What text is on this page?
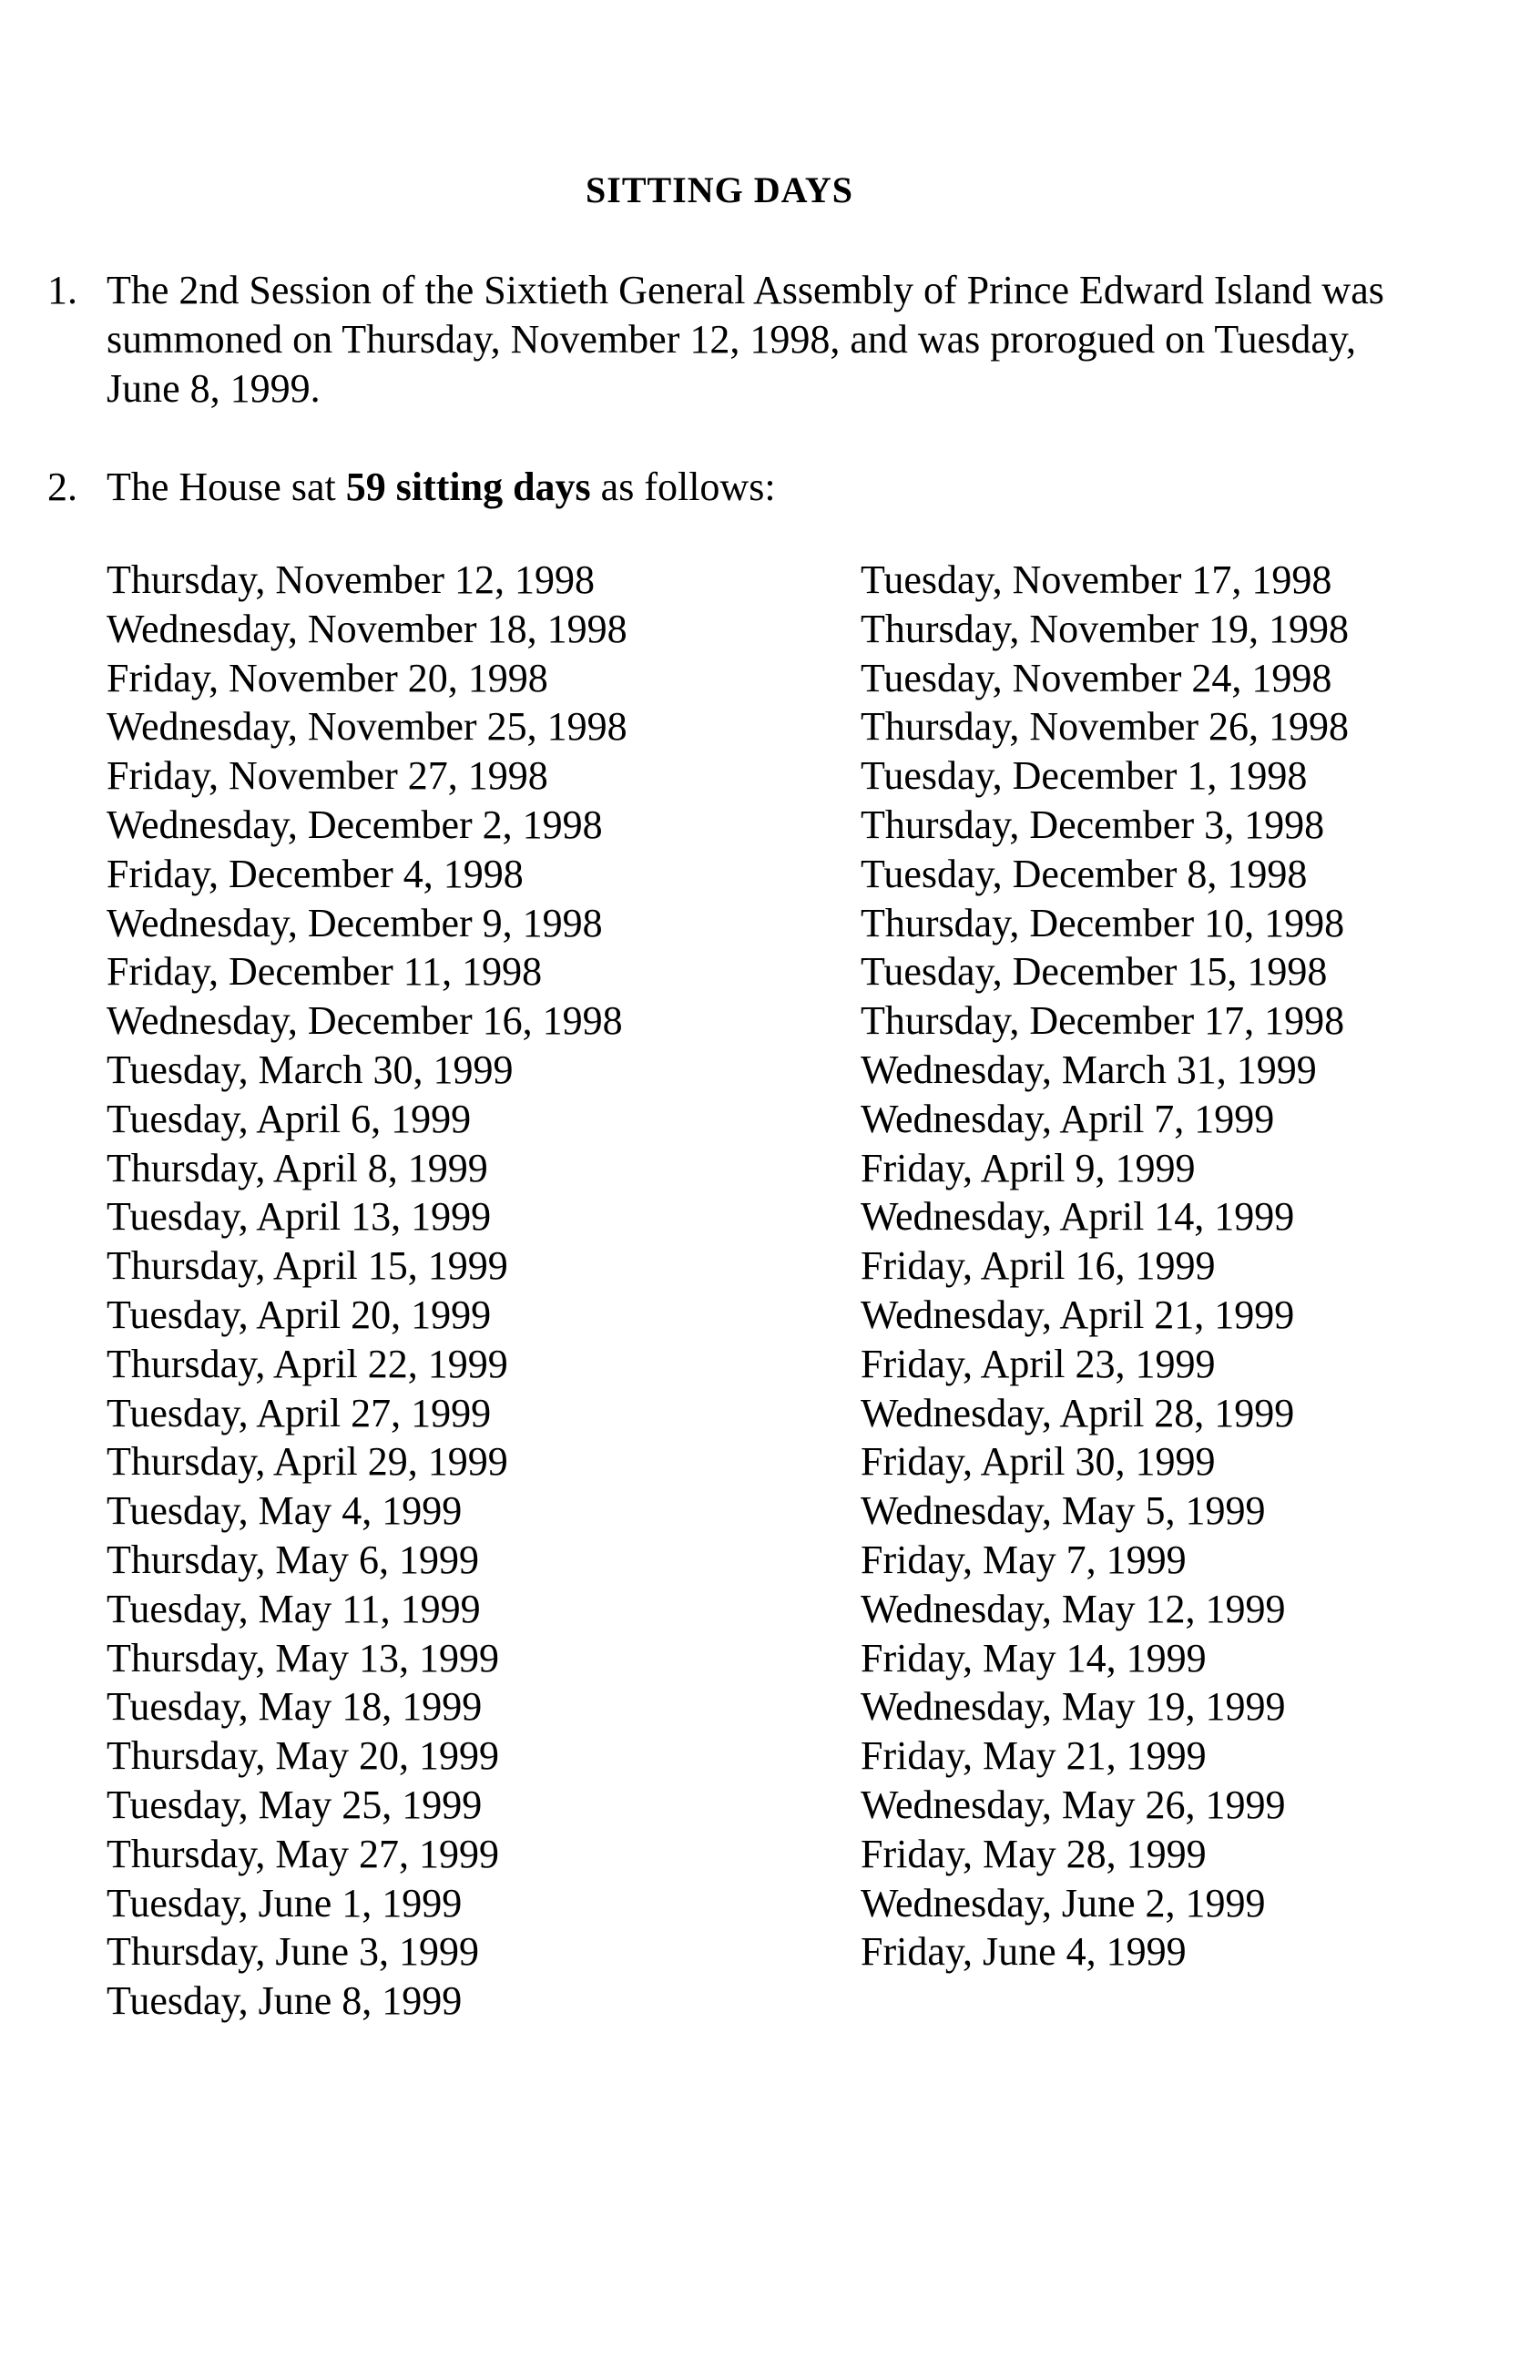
SITTING DAYS
1. The 2nd Session of the Sixtieth General Assembly of Prince Edward Island was summoned on Thursday, November 12, 1998, and was prorogued on Tuesday, June 8, 1999.
2. The House sat 59 sitting days as follows:
Thursday, November 12, 1998
Wednesday, November 18, 1998
Friday, November 20, 1998
Wednesday, November 25, 1998
Friday, November 27, 1998
Wednesday, December 2, 1998
Friday, December 4, 1998
Wednesday, December 9, 1998
Friday, December 11, 1998
Wednesday, December 16, 1998
Tuesday, March 30, 1999
Tuesday, April 6, 1999
Thursday, April 8, 1999
Tuesday, April 13, 1999
Thursday, April 15, 1999
Tuesday, April 20, 1999
Thursday, April 22, 1999
Tuesday, April 27, 1999
Thursday, April 29, 1999
Tuesday, May 4, 1999
Thursday, May 6, 1999
Tuesday, May 11, 1999
Thursday, May 13, 1999
Tuesday, May 18, 1999
Thursday, May 20, 1999
Tuesday, May 25, 1999
Thursday, May 27, 1999
Tuesday, June 1, 1999
Thursday, June 3, 1999
Tuesday, June 8, 1999
Tuesday, November 17, 1998
Thursday, November 19, 1998
Tuesday, November 24, 1998
Thursday, November 26, 1998
Tuesday, December 1, 1998
Thursday, December 3, 1998
Tuesday, December 8, 1998
Thursday, December 10, 1998
Tuesday, December 15, 1998
Thursday, December 17, 1998
Wednesday, March 31, 1999
Wednesday, April 7, 1999
Friday, April 9, 1999
Wednesday, April 14, 1999
Friday, April 16, 1999
Wednesday, April 21, 1999
Friday, April 23, 1999
Wednesday, April 28, 1999
Friday, April 30, 1999
Wednesday, May 5, 1999
Friday, May 7, 1999
Wednesday, May 12, 1999
Friday, May 14, 1999
Wednesday, May 19, 1999
Friday, May 21, 1999
Wednesday, May 26, 1999
Friday, May 28, 1999
Wednesday, June 2, 1999
Friday, June 4, 1999
